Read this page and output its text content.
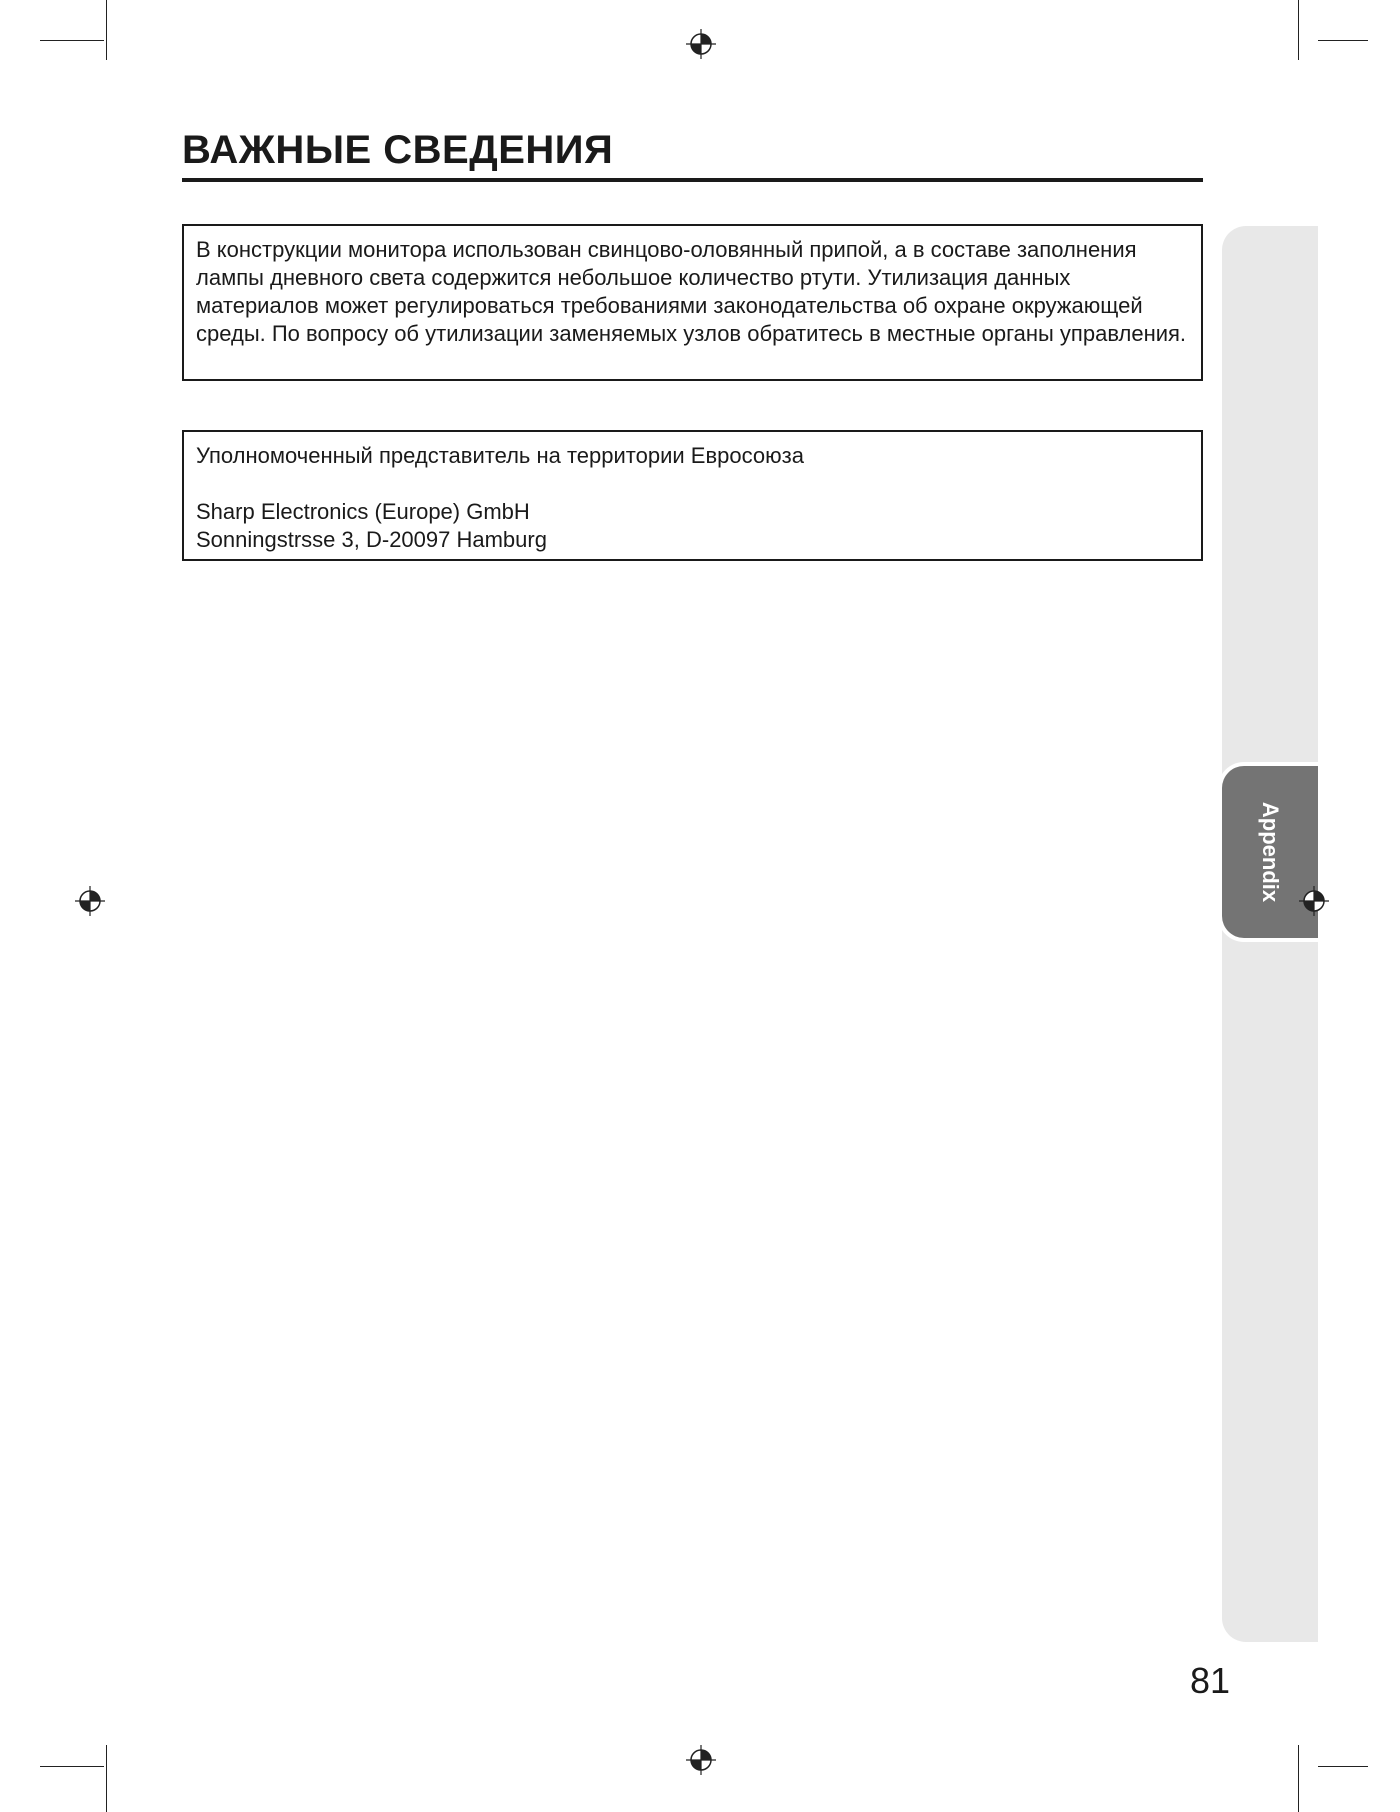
ВАЖНЫЕ СВЕДЕНИЯ

В конструкции монитора использован свинцово-оловянный припой, а в составе заполнения лампы дневного света содержится небольшое количество ртути. Утилизация данных материалов может регулироваться требованиями законодательства об охране окружающей среды. По вопросу об утилизации заменяемых узлов обратитесь в местные органы управления.

Уполномоченный представитель на территории Евросоюза

Sharp Electronics (Europe) GmbH

Sonningstrsse 3, D-20097 Hamburg

Appendix
81
